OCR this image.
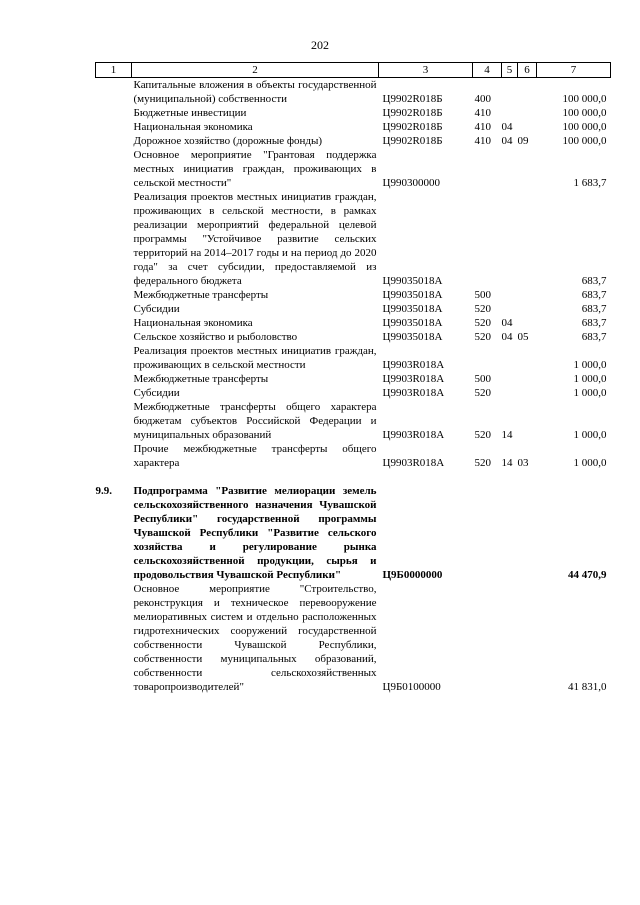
202
1	2	3	4	5	6	7
	Капитальные вложения в объекты государственной (муниципальной) собственности	Ц9902R018Б	400			100 000,0
	Бюджетные инвестиции	Ц9902R018Б	410			100 000,0
	Национальная экономика	Ц9902R018Б	410	04		100 000,0
	Дорожное хозяйство (дорожные фонды)	Ц9902R018Б	410	04	09	100 000,0
	Основное мероприятие "Грантовая поддержка местных инициатив граждан, проживающих в сельской местности"	Ц990300000				1 683,7
	Реализация проектов местных инициатив граждан, проживающих в сельской местности, в рамках реализации мероприятий федеральной целевой программы "Устойчивое развитие сельских территорий на 2014–2017 годы и на период до 2020 года" за счет субсидии, предоставляемой из федерального бюджета	Ц99035018А				683,7
	Межбюджетные трансферты	Ц99035018А	500			683,7
	Субсидии	Ц99035018А	520			683,7
	Национальная экономика	Ц99035018А	520	04		683,7
	Сельское хозяйство и рыболовство	Ц99035018А	520	04	05	683,7
	Реализация проектов местных инициатив граждан, проживающих в сельской местности	Ц9903R018А				1 000,0
	Межбюджетные трансферты	Ц9903R018А	500			1 000,0
	Субсидии	Ц9903R018А	520			1 000,0
	Межбюджетные трансферты общего характера бюджетам субъектов Российской Федерации и муниципальных образований	Ц9903R018А	520	14		1 000,0
	Прочие межбюджетные трансферты общего характера	Ц9903R018А	520	14	03	1 000,0

9.9.	Подпрограмма "Развитие мелиорации земель сельскохозяйственного назначения Чувашской Республики" государственной программы Чувашской Республики "Развитие сельского хозяйства и регулирование рынка сельскохозяйственной продукции, сырья и продовольствия Чувашской Республики"	Ц9Б0000000				44 470,9
	Основное мероприятие "Строительство, реконструкция и техническое перевооружение мелиоративных систем и отдельно расположенных гидротехнических сооружений государственной собственности Чувашской Республики, собственности муниципальных образований, собственности сельскохозяйственных товаропроизводителей"	Ц9Б0100000				41 831,0
